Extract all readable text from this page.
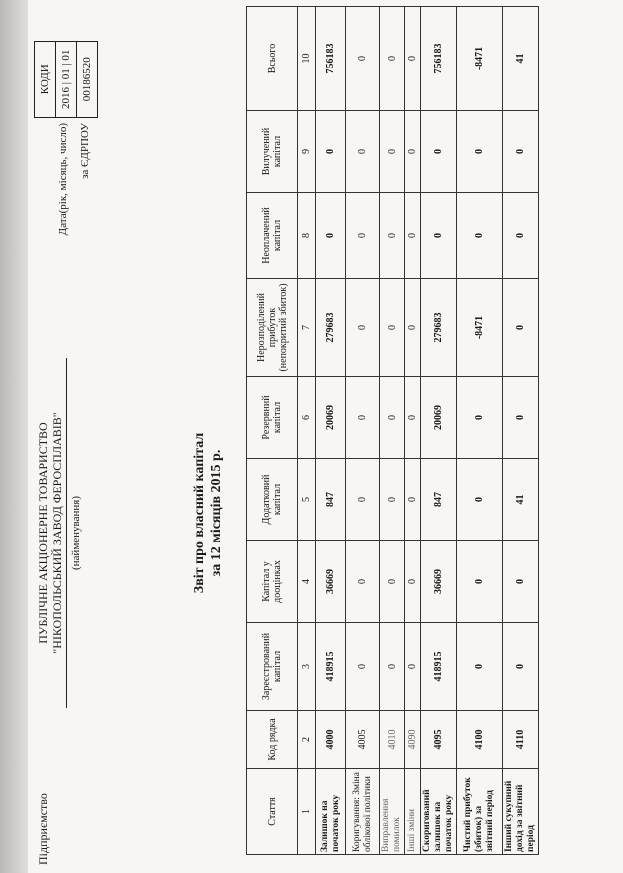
Підприємство
ПУБЛІЧНЕ АКЦІОНЕРНЕ ТОВАРИСТВО "НІКОПОЛЬСЬКИЙ ЗАВОД ФЕРОСПЛАВІВ" (найменування)
КОДИ
2016 | 01 | 01
00186520
Дата(рік, місяць, число) за ЄДРПОУ
Звіт про власний капітал за 12 місяців 2015 р.
Стаття	Код рядка	Зареєстрований капітал	Капітал у дооцінках	Додатковий капітал	Резервний капітал	Нерозподілений прибуток (непокритий збиток)	Неоплачений капітал	Вилучений капітал	Всього
1	2	3	4	5	6	7	8	9	10
Залишок на початок року	4000	418915	36669	847	20069	279683	0	0	756183
Коригування: Зміна облікової політики	4005	0	0	0	0	0	0	0	0
Виправлення помилок	4010	0	0	0	0	0	0	0	0
Інші зміни	4090	0	0	0	0	0	0	0	0
Скоригований залишок на початок року	4095	418915	36669	847	20069	279683	0	0	756183
Чистий прибуток (збиток) за звітний період	4100	0	0	0	0	-8471	0	0	-8471
Інший сукупний дохід за звітний період	4110	0	0	41	0	0	0	0	41
